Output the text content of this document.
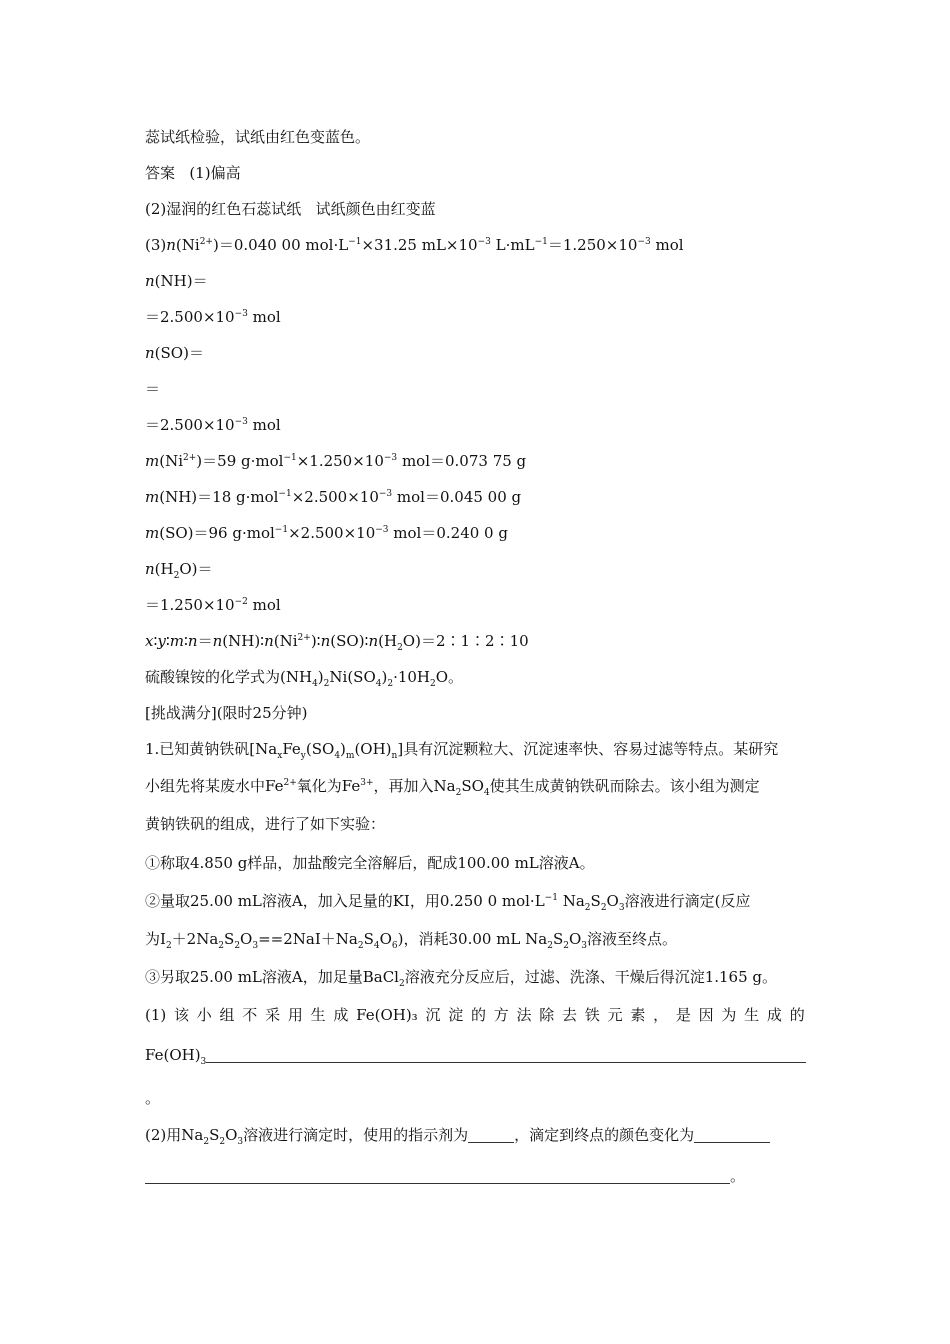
蕊试纸检验，试纸由红色变蓝色。
答案 (1)偏高
(2)湿润的红色石蕊试纸 试纸颜色由红变蓝
$(3)n(Ni^{2+})=0.040$ 00 $mol\cdot L^{-1}\times 31.25$ $mL\times 10^{-3}$ $L\cdot mL^{-1}=1.250\times 10^{-3}$ mol
n(NH)＝
$=2.500\times 10^{-3}$ mol
n(SO)＝
＝
$=2.500\times 10^{-3}$ mol
$m(Ni^{2+})=59$ $g\cdot mol^{-1}\times 1.250\times 10^{-3}$ mol＝0.073 75 g
m(NH)＝18 $g\cdot mol^{-1}\times 2.500\times 10^{-3}$ mol＝0.045 00 g
m(SO)＝96 $g\cdot mol^{-1}\times 2.500\times 10^{-3}$ mol＝0.240 0 g
$n(H_2O)=$
$=1.250\times 10^{-2}$ mol
$x∶y∶m∶n=n(NH)∶n(Ni^{2+})∶n(SO)∶n(H_2O)=2∶1∶2∶10$
硫酸镍铵的化学式为$(NH_4)_2Ni(SO_4)_2\cdot 10H_2O$。
[挑战满分](限时25分钟)
1.已知黄钠铁矾$[Na_xFe_y(SO_4)_m(OH)_n]$具有沉淀颗粒大、沉淀速率快、容易过滤等特点。某研究
小组先将某废水中$Fe^{2+}$氧化为$Fe^{3+}$，再加入$Na_2SO_4$使其生成黄钠铁矾而除去。该小组为测定
黄钠铁矾的组成，进行了如下实验：
①称取4.850 g样品，加盐酸完全溶解后，配成100.00 mL溶液A。
②量取25.00 mL溶液A，加入足量的KI，用0.250 0 $mol\cdot L^{-1}$ $Na_2S_2O_3$溶液进行滴定(反应
为$I_2+2Na_2S_2O_3==2NaI+Na_2S_4O_6$)，消耗30.00 mL $Na_2S_2O_3$溶液至终点。
③另取25.00 mL溶液A，加足量BaCl$_2$溶液充分反应后，过滤、洗涤、干燥后得沉淀1.165 g。
(1) 该 小 组 不 采 用 生 成 Fe(OH)₃ 沉 淀 的 方 法 除 去 铁 元 素 ， 是 因 为 生 成 的
$Fe(OH)_3$
。
(2)用$Na_2S_2O_3$溶液进行滴定时，使用的指示剂为	，滴定到终点的颜色变化为
。
